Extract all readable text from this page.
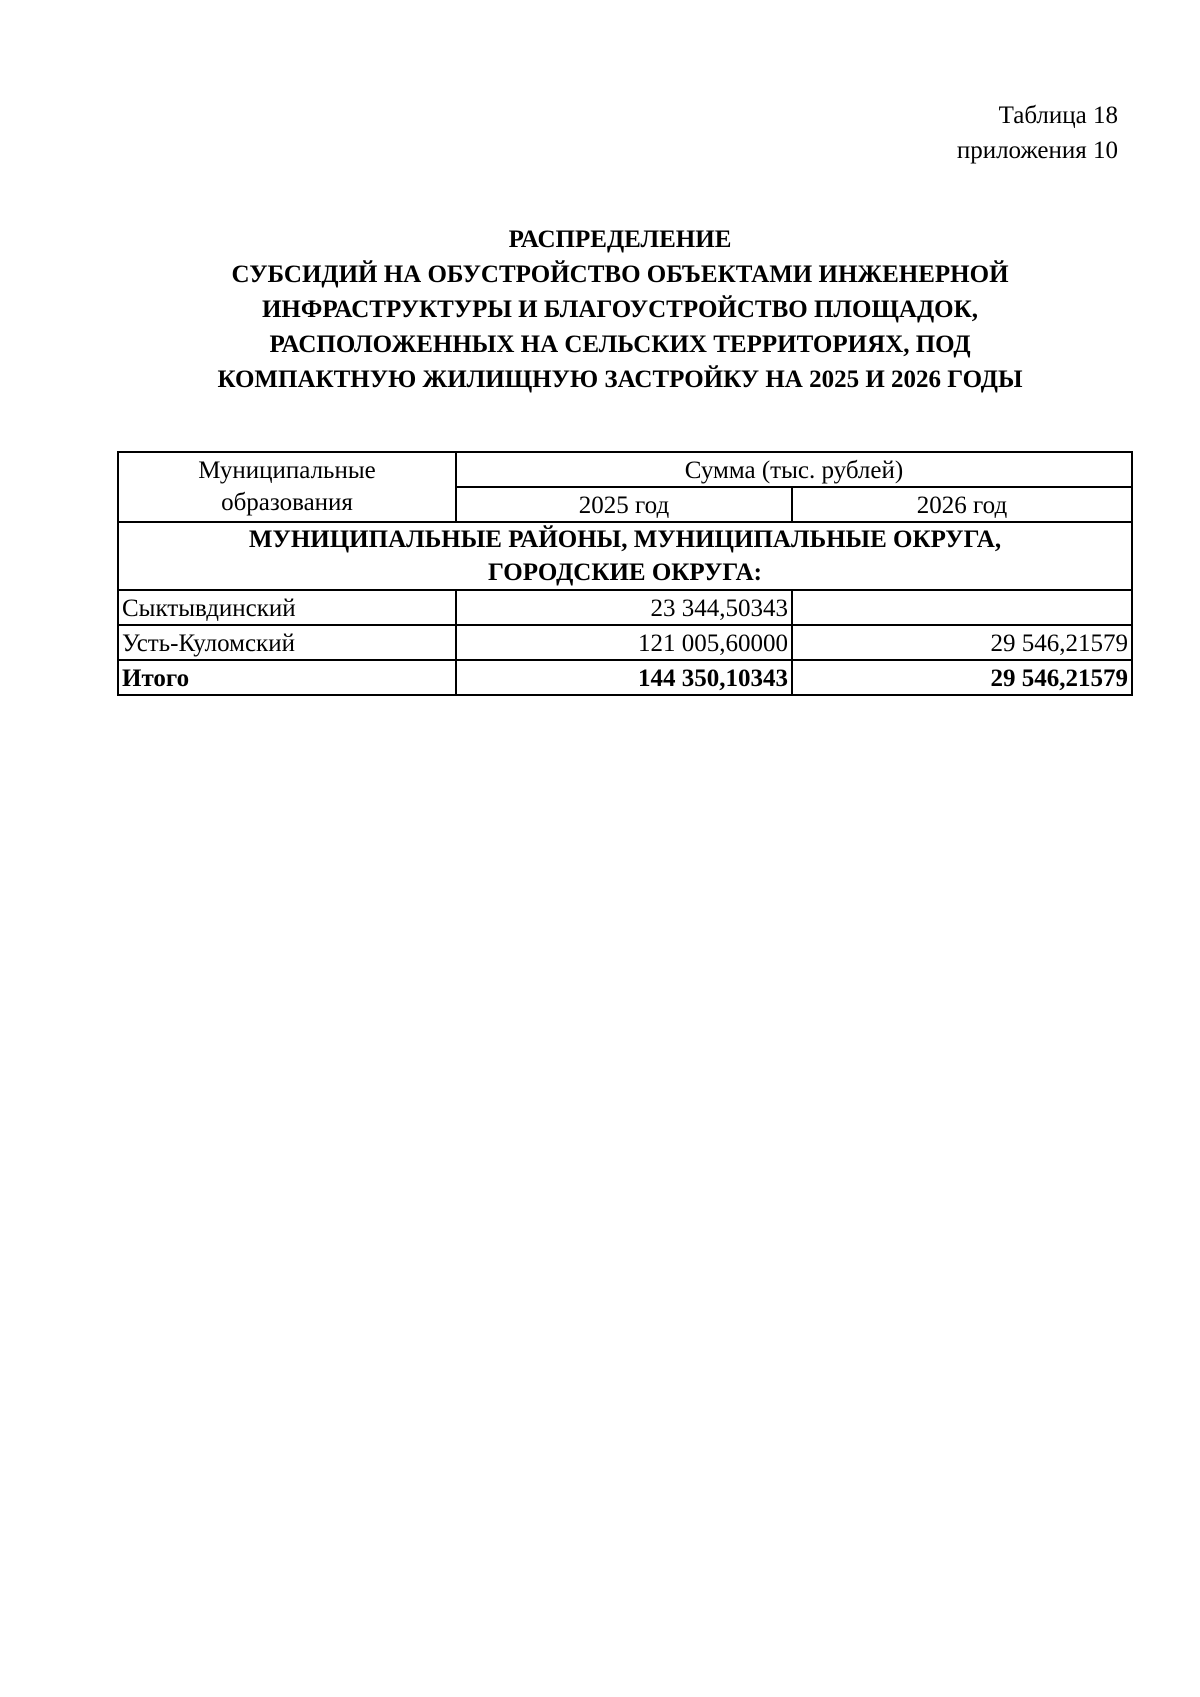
Таблица 18
приложения 10
РАСПРЕДЕЛЕНИЕ
СУБСИДИЙ НА ОБУСТРОЙСТВО ОБЪЕКТАМИ ИНЖЕНЕРНОЙ
ИНФРАСТРУКТУРЫ И БЛАГОУСТРОЙСТВО ПЛОЩАДОК,
РАСПОЛОЖЕННЫХ НА СЕЛЬСКИХ ТЕРРИТОРИЯХ, ПОД
КОМПАКТНУЮ ЖИЛИЩНУЮ ЗАСТРОЙКУ НА 2025 И 2026 ГОДЫ
Муниципальные
образования	Сумма (тыс. рублей)	
	2025 год	2026 год

МУНИЦИПАЛЬНЫЕ РАЙОНЫ, МУНИЦИПАЛЬНЫЕ ОКРУГА,
ГОРОДСКИЕ ОКРУГА:		

Сыктывдинский	23 344,50343	
Усть-Куломский	121 005,60000	29 546,21579
Итого	144 350,10343	29 546,21579
